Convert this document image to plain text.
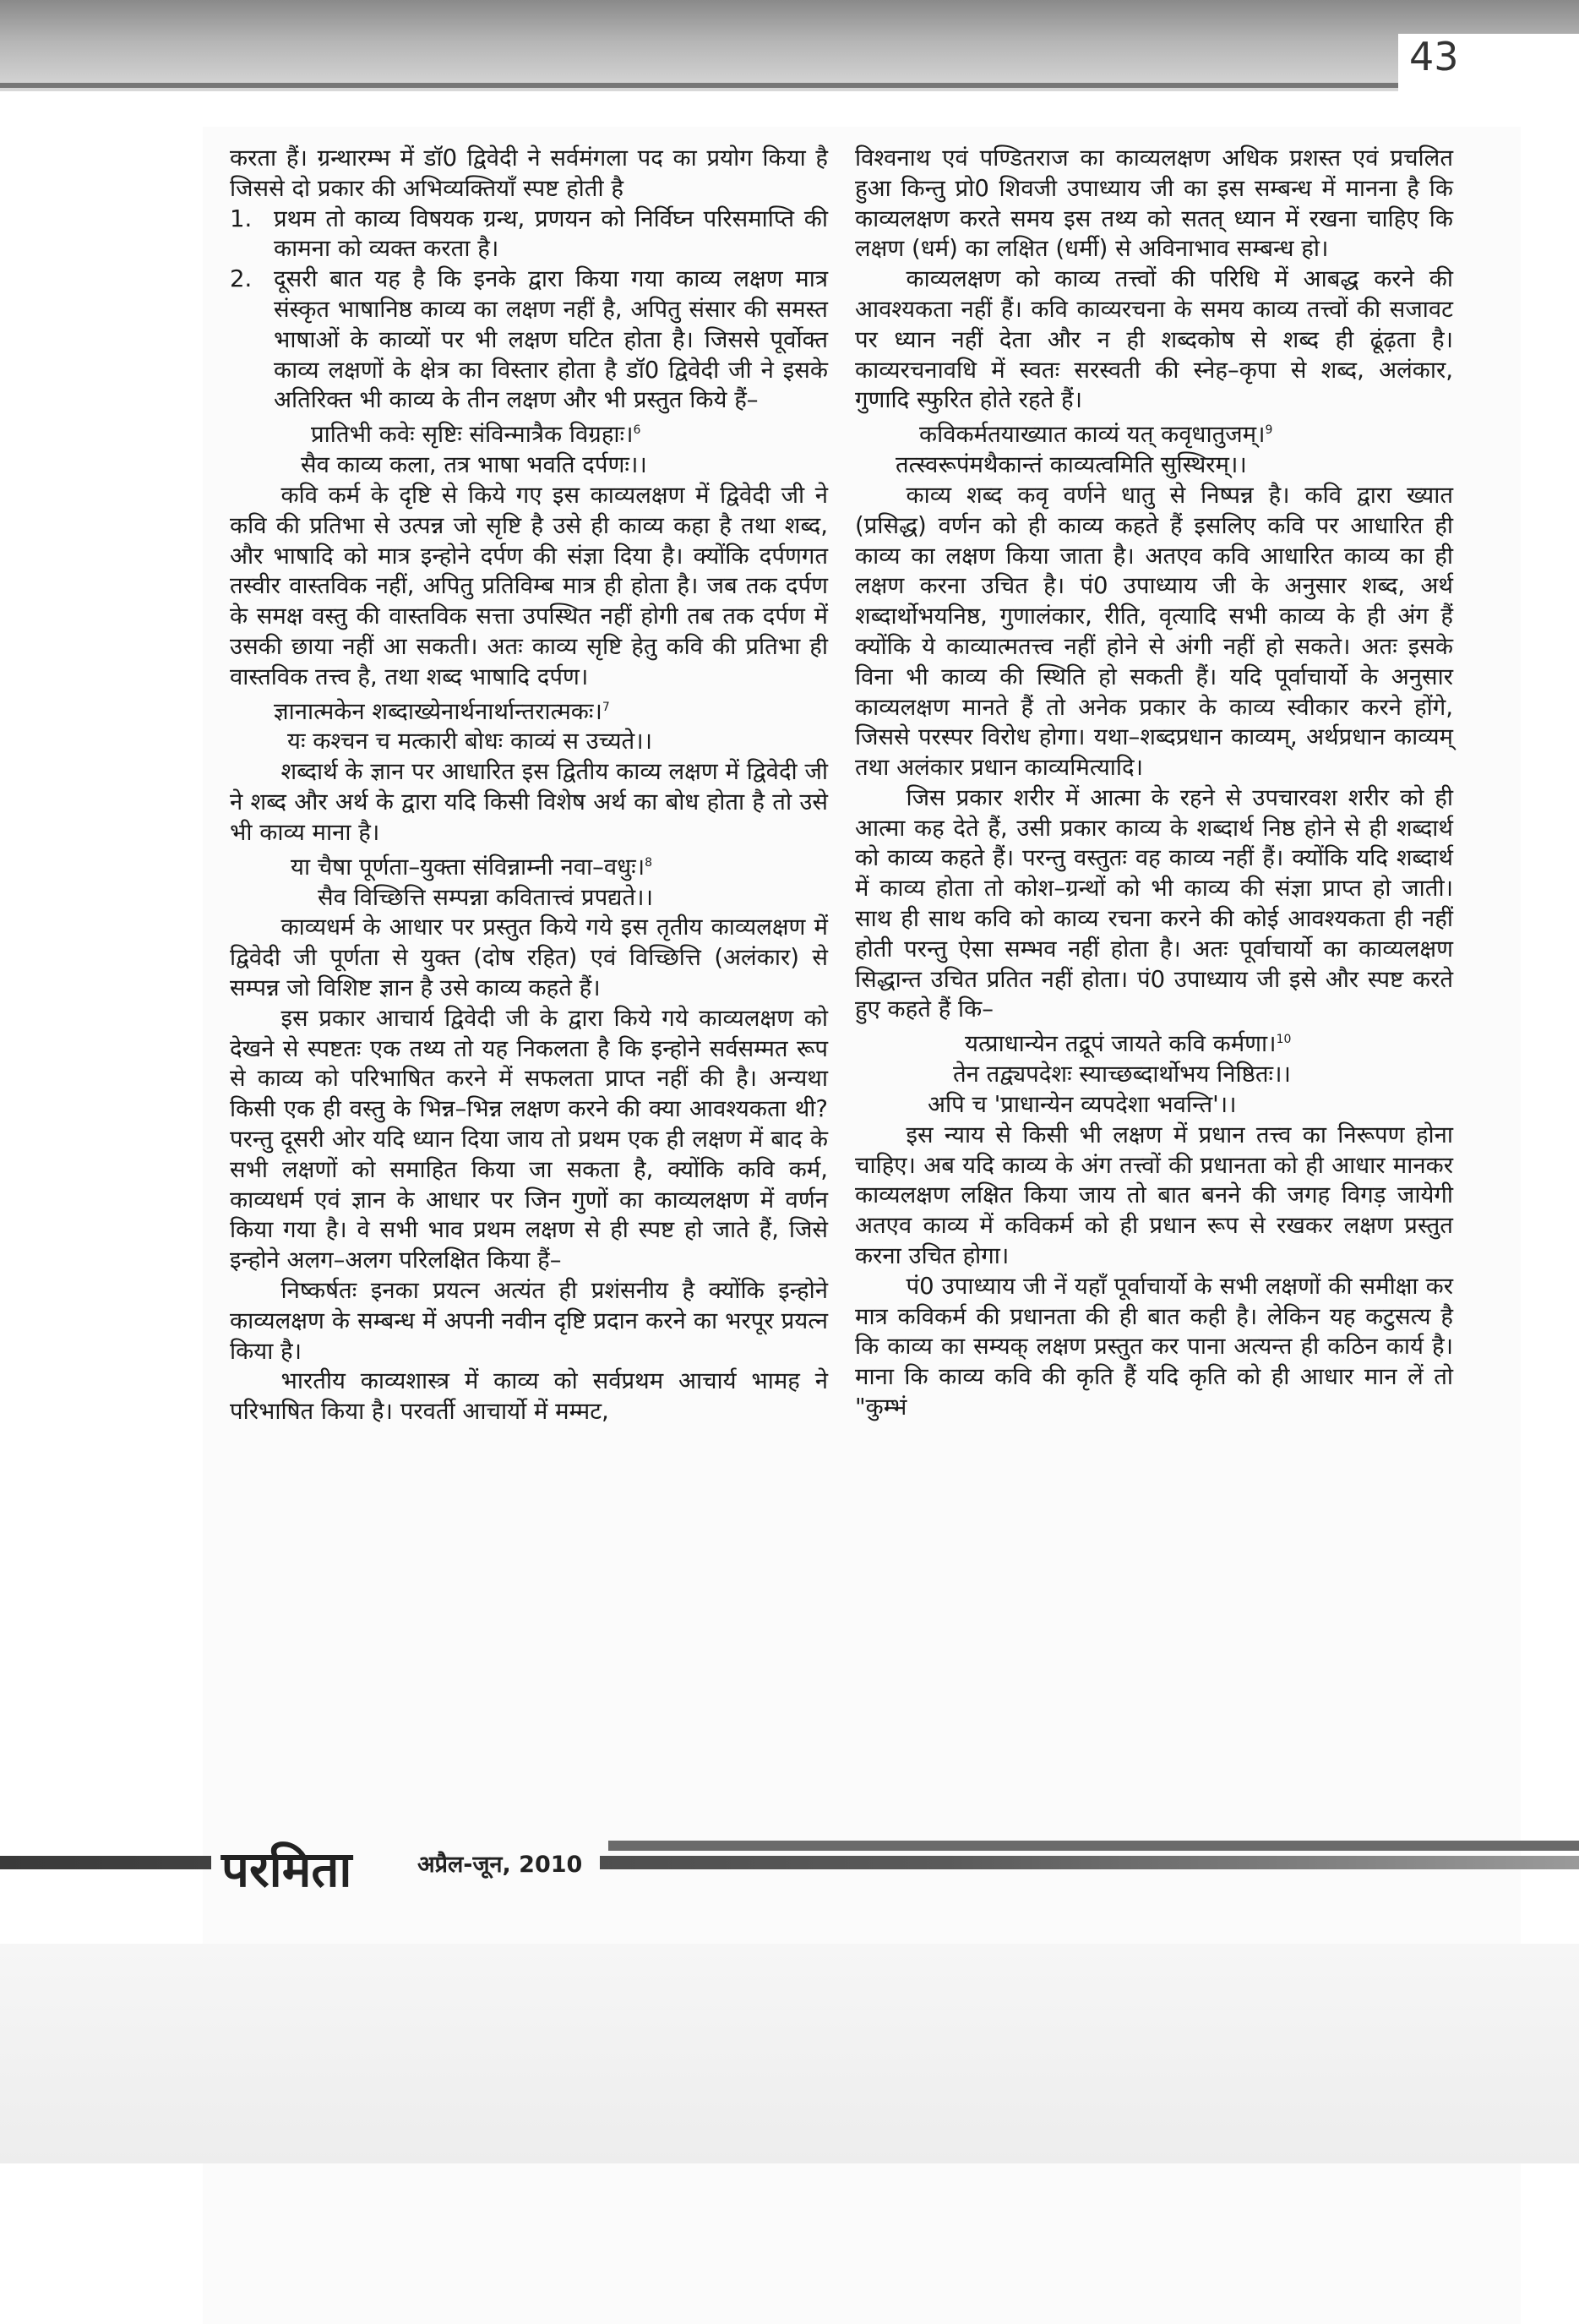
43

करता हैं। ग्रन्थारम्भ में डॉ0 द्विवेदी ने सर्वमंगला पद का प्रयोग किया है जिससे दो प्रकार की अभिव्यक्तियाँ स्पष्ट होती है

1. प्रथम तो काव्य विषयक ग्रन्थ, प्रणयन को निर्विघ्न परिसमाप्ति की कामना को व्यक्त करता है।
2. दूसरी बात यह है कि इनके द्वारा किया गया काव्य लक्षण मात्र संस्कृत भाषानिष्ठ काव्य का लक्षण नहीं है, अपितु संसार की समस्त भाषाओं के काव्यों पर भी लक्षण घटित होता है। जिससे पूर्वोक्त काव्य लक्षणों के क्षेत्र का विस्तार होता है डॉ0 द्विवेदी जी ने इसके अतिरिक्त भी काव्य के तीन लक्षण और भी प्रस्तुत किये हैं–

प्रातिभी कवेः सृष्टिः संविन्मात्रैक विग्रहाः।$^6$

सैव काव्य कला, तत्र भाषा भवति दर्पणः।।

कवि कर्म के दृष्टि से किये गए इस काव्यलक्षण में द्विवेदी जी ने कवि की प्रतिभा से उत्पन्न जो सृष्टि है उसे ही काव्य कहा है तथा शब्द, और भाषादि को मात्र इन्होने दर्पण की संज्ञा दिया है। क्योंकि दर्पणगत तस्वीर वास्तविक नहीं, अपितु प्रतिविम्ब मात्र ही होता है। जब तक दर्पण के समक्ष वस्तु की वास्तविक सत्ता उपस्थित नहीं होगी तब तक दर्पण में उसकी छाया नहीं आ सकती। अतः काव्य सृष्टि हेतु कवि की प्रतिभा ही वास्तविक तत्त्व है, तथा शब्द भाषादि दर्पण।

ज्ञानात्मकेन शब्दाख्येनार्थनार्थान्तरात्मकः।$^7$

यः कश्चन च मत्कारी बोधः काव्यं स उच्यते।।

शब्दार्थ के ज्ञान पर आधारित इस द्वितीय काव्य लक्षण में द्विवेदी जी ने शब्द और अर्थ के द्वारा यदि किसी विशेष अर्थ का बोध होता है तो उसे भी काव्य माना है।

या चैषा पूर्णता–युक्ता संविन्नाम्नी नवा–वधुः।$^8$

सैव विच्छित्ति सम्पन्ना कवितात्त्वं प्रपद्यते।।

काव्यधर्म के आधार पर प्रस्तुत किये गये इस तृतीय काव्यलक्षण में द्विवेदी जी पूर्णता से युक्त (दोष रहित) एवं विच्छित्ति (अलंकार) से सम्पन्न जो विशिष्ट ज्ञान है उसे काव्य कहते हैं।

इस प्रकार आचार्य द्विवेदी जी के द्वारा किये गये काव्यलक्षण को देखने से स्पष्टतः एक तथ्य तो यह निकलता है कि इन्होने सर्वसम्मत रूप से काव्य को परिभाषित करने में सफलता प्राप्त नहीं की है। अन्यथा किसी एक ही वस्तु के भिन्न–भिन्न लक्षण करने की क्या आवश्यकता थी? परन्तु दूसरी ओर यदि ध्यान दिया जाय तो प्रथम एक ही लक्षण में बाद के सभी लक्षणों को समाहित किया जा सकता है, क्योंकि कवि कर्म, काव्यधर्म एवं ज्ञान के आधार पर जिन गुणों का काव्यलक्षण में वर्णन किया गया है। वे सभी भाव प्रथम लक्षण से ही स्पष्ट हो जाते हैं, जिसे इन्होने अलग–अलग परिलक्षित किया हैं–

निष्कर्षतः इनका प्रयत्न अत्यंत ही प्रशंसनीय है क्योंकि इन्होने काव्यलक्षण के सम्बन्ध में अपनी नवीन दृष्टि प्रदान करने का भरपूर प्रयत्न किया है।

भारतीय काव्यशास्त्र में काव्य को सर्वप्रथम आचार्य भामह ने परिभाषित किया है। परवर्ती आचार्यो में मम्मट,

विश्वनाथ एवं पण्डितराज का काव्यलक्षण अधिक प्रशस्त एवं प्रचलित हुआ किन्तु प्रो0 शिवजी उपाध्याय जी का इस सम्बन्ध में मानना है कि काव्यलक्षण करते समय इस तथ्य को सतत् ध्यान में रखना चाहिए कि लक्षण (धर्म) का लक्षित (धर्मी) से अविनाभाव सम्बन्ध हो।

काव्यलक्षण को काव्य तत्त्वों की परिधि में आबद्ध करने की आवश्यकता नहीं हैं। कवि काव्यरचना के समय काव्य तत्त्वों की सजावट पर ध्यान नहीं देता और न ही शब्दकोष से शब्द ही ढूंढ़ता है। काव्यरचनावधि में स्वतः सरस्वती की स्नेह–कृपा से शब्द, अलंकार, गुणादि स्फुरित होते रहते हैं।

कविकर्मतयाख्यात काव्यं यत् कवृधातुजम्।$^9$

तत्स्वरूपंमथैकान्तं काव्यत्वमिति सुस्थिरम्।।

काव्य शब्द कवृ वर्णने धातु से निष्पन्न है। कवि द्वारा ख्यात (प्रसिद्ध) वर्णन को ही काव्य कहते हैं इसलिए कवि पर आधारित ही काव्य का लक्षण किया जाता है। अतएव कवि आधारित काव्य का ही लक्षण करना उचित है। पं0 उपाध्याय जी के अनुसार शब्द, अर्थ शब्दार्थोभयनिष्ठ, गुणालंकार, रीति, वृत्यादि सभी काव्य के ही अंग हैं क्योंकि ये काव्यात्मतत्त्व नहीं होने से अंगी नहीं हो सकते। अतः इसके विना भी काव्य की स्थिति हो सकती हैं। यदि पूर्वाचार्यो के अनुसार काव्यलक्षण मानते हैं तो अनेक प्रकार के काव्य स्वीकार करने होंगे, जिससे परस्पर विरोध होगा। यथा–शब्दप्रधान काव्यम्, अर्थप्रधान काव्यम् तथा अलंकार प्रधान काव्यमित्यादि।

जिस प्रकार शरीर में आत्मा के रहने से उपचारवश शरीर को ही आत्मा कह देते हैं, उसी प्रकार काव्य के शब्दार्थ निष्ठ होने से ही शब्दार्थ को काव्य कहते हैं। परन्तु वस्तुतः वह काव्य नहीं हैं। क्योंकि यदि शब्दार्थ में काव्य होता तो कोश–ग्रन्थों को भी काव्य की संज्ञा प्राप्त हो जाती। साथ ही साथ कवि को काव्य रचना करने की कोई आवश्यकता ही नहीं होती परन्तु ऐसा सम्भव नहीं होता है। अतः पूर्वाचार्यो का काव्यलक्षण सिद्धान्त उचित प्रतित नहीं होता। पं0 उपाध्याय जी इसे और स्पष्ट करते हुए कहते हैं कि–

यत्प्राधान्येन तद्रूपं जायते कवि कर्मणा।$^{10}$

तेन तद्व्यपदेशः स्याच्छब्दार्थोभय निष्ठितः।।

अपि च 'प्राधान्येन व्यपदेशा भवन्ति'।।

इस न्याय से किसी भी लक्षण में प्रधान तत्त्व का निरूपण होना चाहिए। अब यदि काव्य के अंग तत्त्वों की प्रधानता को ही आधार मानकर काव्यलक्षण लक्षित किया जाय तो बात बनने की जगह विगड़ जायेगी अतएव काव्य में कविकर्म को ही प्रधान रूप से रखकर लक्षण प्रस्तुत करना उचित होगा।

पं0 उपाध्याय जी नें यहाँ पूर्वाचार्यो के सभी लक्षणों की समीक्षा कर मात्र कविकर्म की प्रधानता की ही बात कही है। लेकिन यह कटुसत्य है कि काव्य का सम्यक् लक्षण प्रस्तुत कर पाना अत्यन्त ही कठिन कार्य है। माना कि काव्य कवि की कृति हैं यदि कृति को ही आधार मान लें तो "कुम्भं

परमिता	अप्रैल-जून, 2010
